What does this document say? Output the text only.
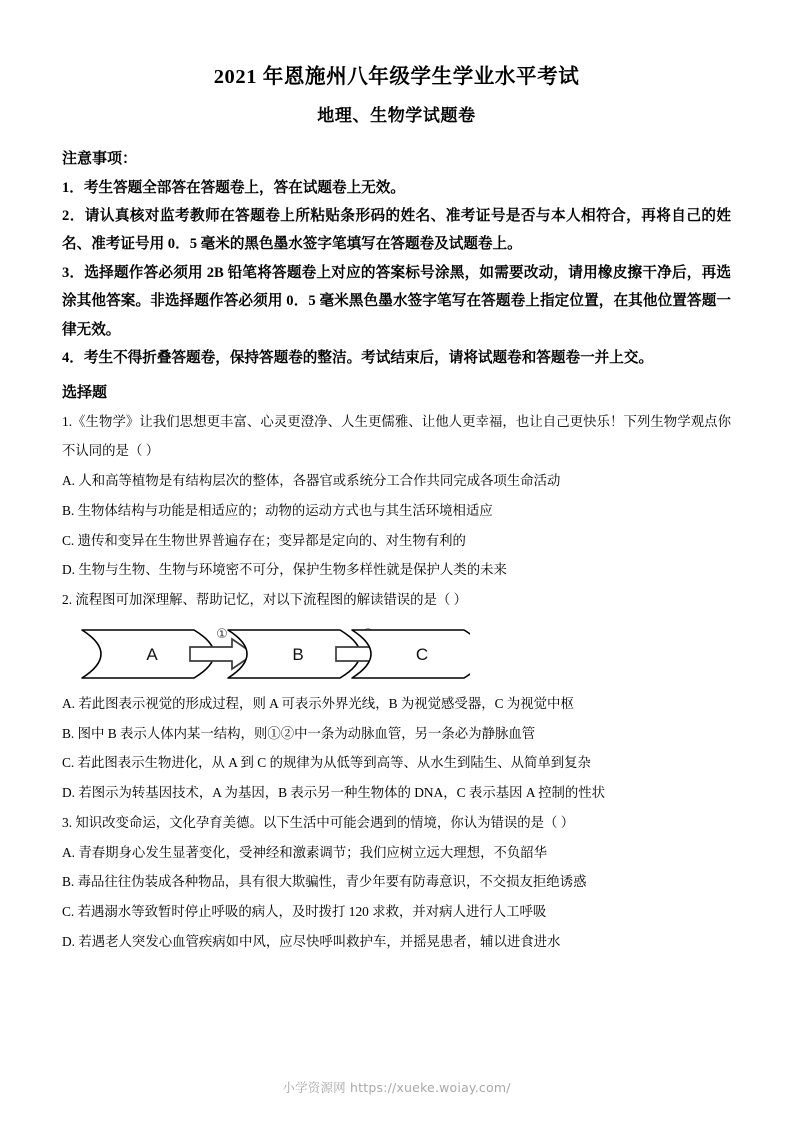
2021 年恩施州八年级学生学业水平考试
地理、生物学试题卷

注意事项：

1．考生答题全部答在答题卷上，答在试题卷上无效。

2．请认真核对监考教师在答题卷上所粘贴条形码的姓名、准考证号是否与本人相符合，再将自己的姓名、准考证号用 0．5 毫米的黑色墨水签字笔填写在答题卷及试题卷上。

3．选择题作答必须用 2B 铅笔将答题卷上对应的答案标号涂黑，如需要改动，请用橡皮擦干净后，再选涂其他答案。非选择题作答必须用 0．5 毫米黑色墨水签字笔写在答题卷上指定位置，在其他位置答题一律无效。

4．考生不得折叠答题卷，保持答题卷的整洁。考试结束后，请将试题卷和答题卷一并上交。

选择题

1.《生物学》让我们思想更丰富、心灵更澄净、人生更儒雅、让他人更幸福，也让自己更快乐！下列生物学观点你不认同的是（ ）

A. 人和高等植物是有结构层次的整体，各器官或系统分工合作共同完成各项生命活动

B. 生物体结构与功能是相适应的；动物的运动方式也与其生活环境相适应

C. 遗传和变异在生物世界普遍存在；变异都是定向的、对生物有利的

D. 生物与生物、生物与环境密不可分，保护生物多样性就是保护人类的未来

2. 流程图可加深理解、帮助记忆，对以下流程图的解读错误的是（ ）

A
①
B	C

A. 若此图表示视觉的形成过程，则 A 可表示外界光线，B 为视觉感受器，C 为视觉中枢

B. 图中 B 表示人体内某一结构，则①②中一条为动脉血管，另一条必为静脉血管

C. 若此图表示生物进化，从 A 到 C 的规律为从低等到高等、从水生到陆生、从简单到复杂

D. 若图示为转基因技术，A 为基因，B 表示另一种生物体的 DNA，C 表示基因 A 控制的性状

3. 知识改变命运，文化孕育美德。以下生活中可能会遇到的情境，你认为错误的是（ ）

A. 青春期身心发生显著变化，受神经和激素调节；我们应树立远大理想，不负韶华

B. 毒品往往伪装成各种物品，具有很大欺骗性，青少年要有防毒意识，不交损友拒绝诱惑

C. 若遇溺水等致暂时停止呼吸的病人，及时拨打 120 求救，并对病人进行人工呼吸

D. 若遇老人突发心血管疾病如中风，应尽快呼叫救护车，并摇晃患者，辅以进食进水

小学资源网 https://xueke.woiay.com/
